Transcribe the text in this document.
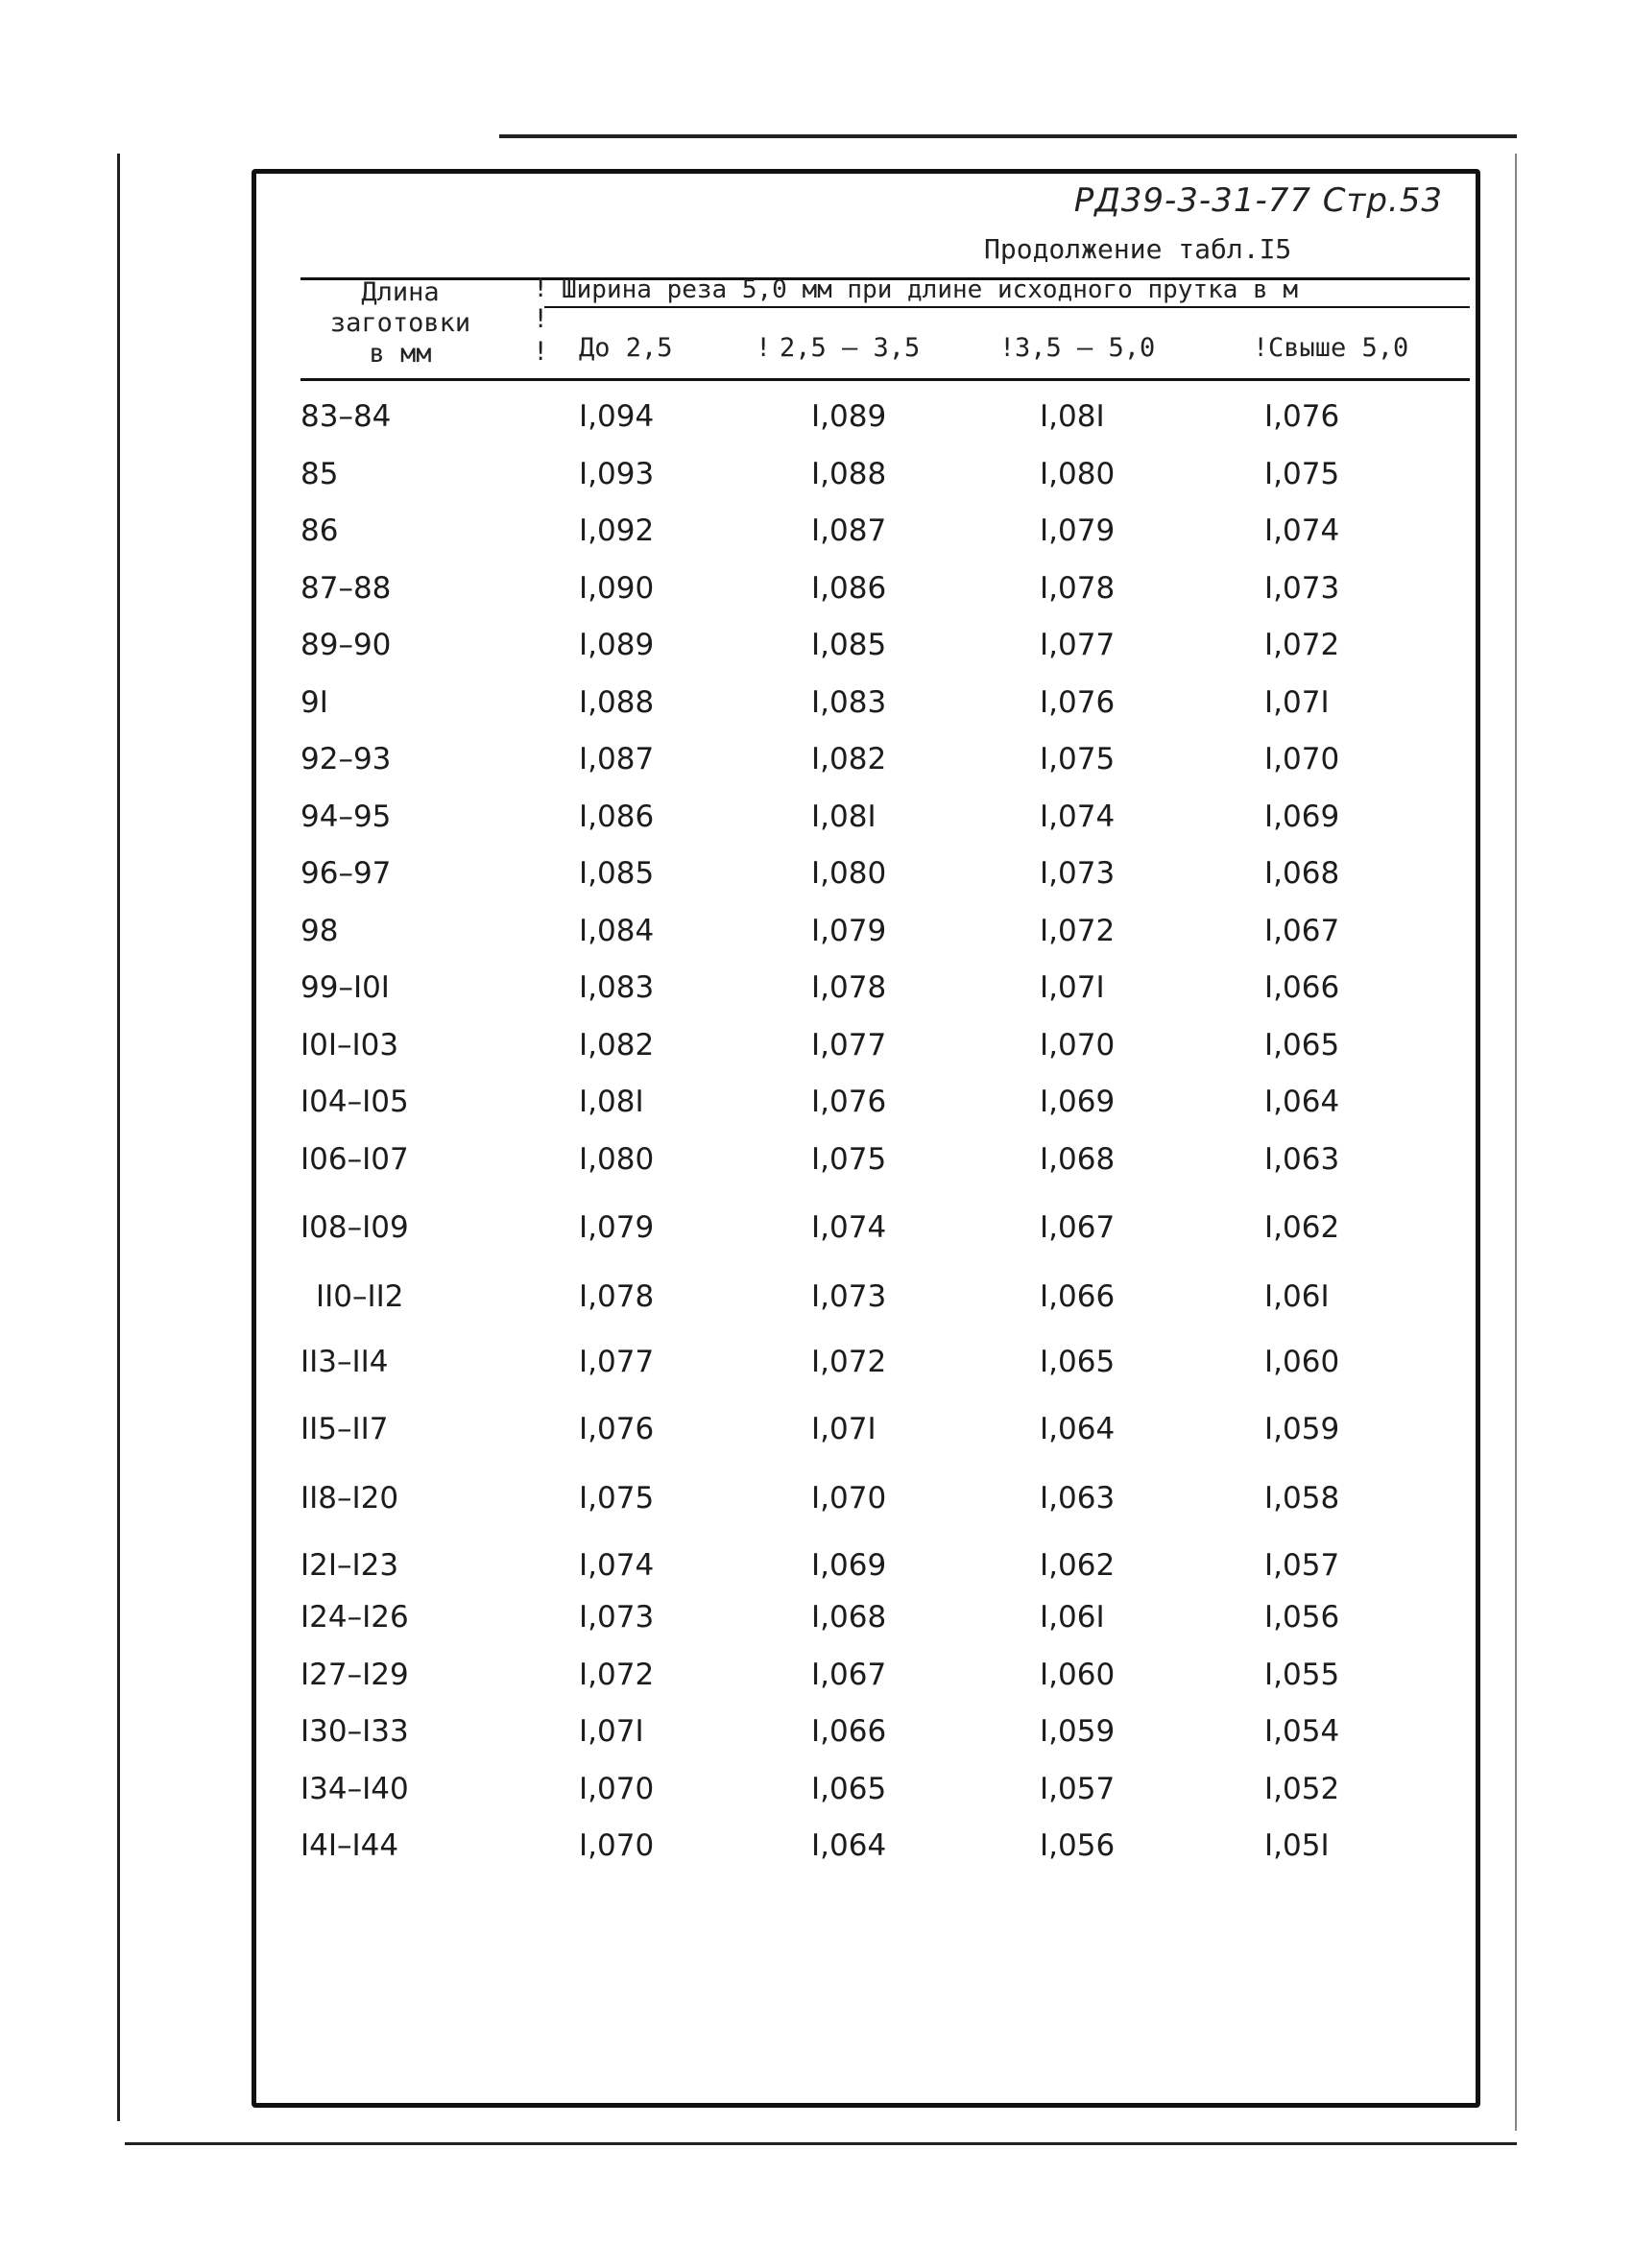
РД39-3-31-77 Стр.53
Продолжение табл.I5
Длина
заготовки
в мм
!
!
!
Ширина реза 5,0 мм при длине исходного прутка в м
До 2,5	! 2,5 – 3,5	! 3,5 – 5,0	! Свыше 5,0
83–84	I,094	I,089	I,08I	I,076
85	I,093	I,088	I,080	I,075
86	I,092	I,087	I,079	I,074
87–88	I,090	I,086	I,078	I,073
89–90	I,089	I,085	I,077	I,072
9I	I,088	I,083	I,076	I,07I
92–93	I,087	I,082	I,075	I,070
94–95	I,086	I,08I	I,074	I,069
96–97	I,085	I,080	I,073	I,068
98	I,084	I,079	I,072	I,067
99–I0I	I,083	I,078	I,07I	I,066
I0I–I03	I,082	I,077	I,070	I,065
I04–I05	I,08I	I,076	I,069	I,064
I06–I07	I,080	I,075	I,068	I,063
I08–I09	I,079	I,074	I,067	I,062
II0–II2	I,078	I,073	I,066	I,06I
II3–II4	I,077	I,072	I,065	I,060
II5–II7	I,076	I,07I	I,064	I,059
II8–I20	I,075	I,070	I,063	I,058
I2I–I23	I,074	I,069	I,062	I,057
I24–I26	I,073	I,068	I,06I	I,056
I27–I29	I,072	I,067	I,060	I,055
I30–I33	I,07I	I,066	I,059	I,054
I34–I40	I,070	I,065	I,057	I,052
I4I–I44	I,070	I,064	I,056	I,05I
